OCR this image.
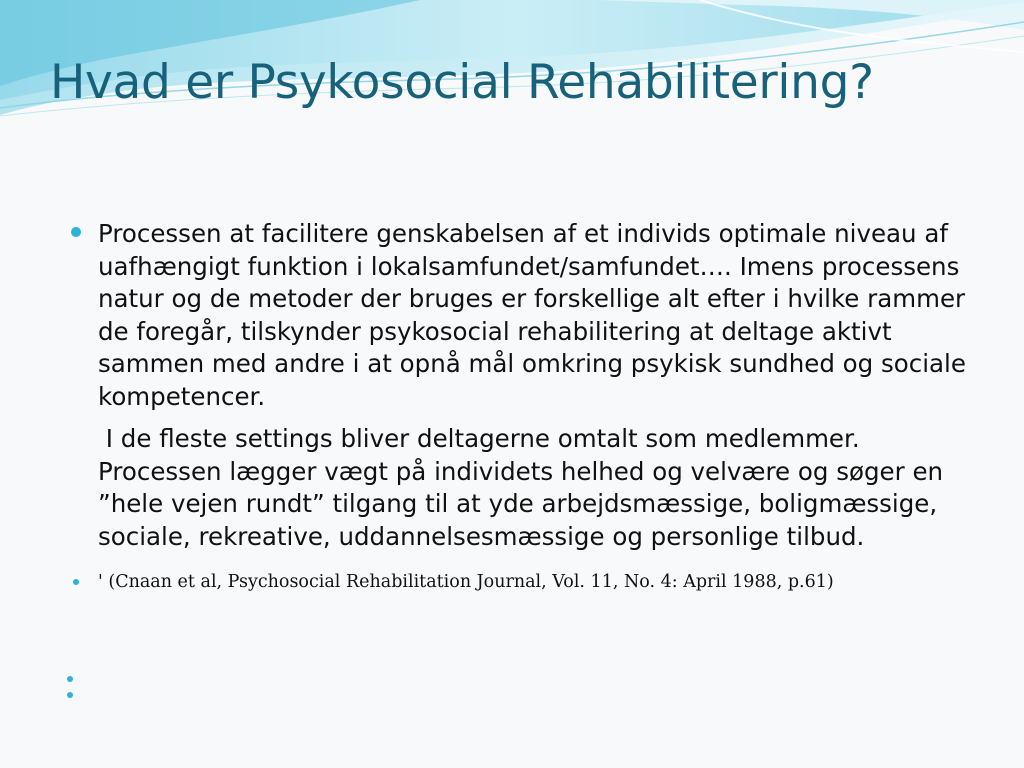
Hvad er Psykosocial Rehabilitering?

Processen at facilitere genskabelsen af et individs optimale niveau af uafhængigt funktion i lokalsamfundet/samfundet…. Imens processens natur og de metoder der bruges er forskellige alt efter i hvilke rammer de foregår, tilskynder psykosocial rehabilitering at deltage aktivt sammen med andre i at opnå mål omkring psykisk sundhed og sociale kompetencer.

I de fleste settings bliver deltagerne omtalt som medlemmer. Processen lægger vægt på individets helhed og velvære og søger en ”hele vejen rundt” tilgang til at yde arbejdsmæssige, boligmæssige, sociale, rekreative, uddannelsesmæssige og personlige tilbud.

' (Cnaan et al, Psychosocial Rehabilitation Journal, Vol. 11, No. 4: April 1988, p.61)
